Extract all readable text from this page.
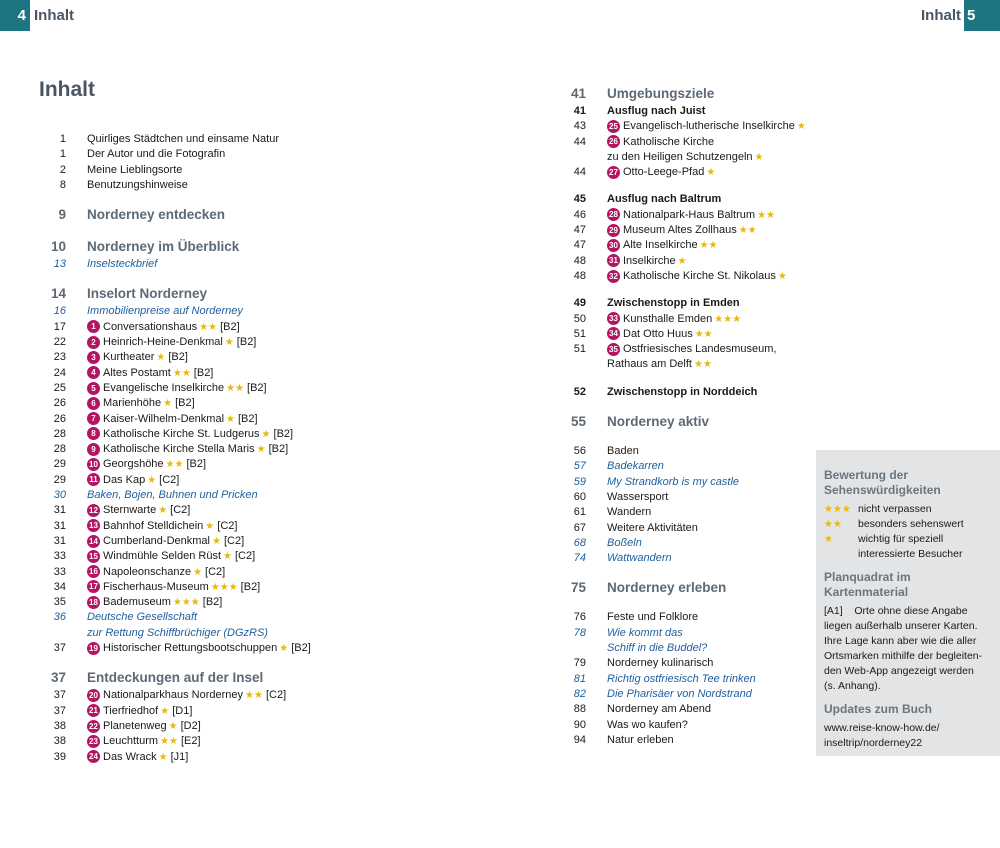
4 Inhalt	Inhalt 5
Inhalt
1 Quirliges Städtchen und einsame Natur
1 Der Autor und die Fotografin
2 Meine Lieblingsorte
8 Benutzungshinweise
9 Norderney entdecken
10 Norderney im Überblick
13 Inselsteckbrief
14 Inselort Norderney
16 Immobilienpreise auf Norderney
17	1 Conversationshaus ★★ [B2]
22	2 Heinrich-Heine-Denkmal ★ [B2]
23	3 Kurtheater ★ [B2]
24	4 Altes Postamt ★★ [B2]
25	5 Evangelische Inselkirche ★★ [B2]
26	6 Marienhöhe ★ [B2]
26	7 Kaiser-Wilhelm-Denkmal ★ [B2]
28	8 Katholische Kirche St. Ludgerus ★ [B2]
28	9 Katholische Kirche Stella Maris ★ [B2]
29	10 Georgshöhe ★★ [B2]
29	11 Das Kap ★ [C2]
30 Baken, Bojen, Buhnen und Pricken
31	12 Sternwarte ★ [C2]
31	13 Bahnhof Stelldichein ★ [C2]
31	14 Cumberland-Denkmal ★ [C2]
33	15 Windmühle Selden Rüst ★ [C2]
33	16 Napoleonschanze ★ [C2]
34	17 Fischerhaus-Museum ★★★ [B2]
35	18 Bademuseum ★★★ [B2]
36 Deutsche Gesellschaft
zur Rettung Schiffbrüchiger (DGzRS)
37	19 Historischer Rettungsbootschuppen ★ [B2]
37 Entdeckungen auf der Insel
37	20 Nationalparkhaus Norderney ★★ [C2]
37	21 Tierfriedhof ★ [D1]
38	22 Planetenweg ★ [D2]
38	23 Leuchtturm ★★ [E2]
39	24 Das Wrack ★ [J1]
41 Umgebungsziele
41 Ausflug nach Juist
43	25 Evangelisch-lutherische Inselkirche ★
44	26 Katholische Kirche
zu den Heiligen Schutzengeln ★
44	27 Otto-Leege-Pfad ★
45 Ausflug nach Baltrum
46	28 Nationalpark-Haus Baltrum ★★
47	29 Museum Altes Zollhaus ★★
47	30 Alte Inselkirche ★★
48	31 Inselkirche ★
48	32 Katholische Kirche St. Nikolaus ★
49 Zwischenstopp in Emden
50	33 Kunsthalle Emden ★★★
51	34 Dat Otto Huus ★★
51	35 Ostfriesisches Landesmuseum,
Rathaus am Delft ★★
52 Zwischenstopp in Norddeich
55 Norderney aktiv
56 Baden
57 Badekarren
59 My Strandkorb is my castle
60 Wassersport
61 Wandern
67 Weitere Aktivitäten
68 Boßeln
74 Wattwandern
75 Norderney erleben
76 Feste und Folklore
78 Wie kommt das
Schiff in die Buddel?
79 Norderney kulinarisch
81 Richtig ostfriesisch Tee trinken
82 Die Pharisäer von Nordstrand
88 Norderney am Abend
90 Was wo kaufen?
94 Natur erleben
Bewertung der
Sehenswürdigkeiten
★★★ nicht verpassen
★★	besonders sehenswert
★	wichtig für speziell
interessierte Besucher
Planquadrat im Kartenmaterial
[A1]    Orte ohne diese Angabe
liegen außerhalb unserer Karten.
Ihre Lage kann aber wie die aller
Ortsmarken mithilfe der begleiten-
den Web-App angezeigt werden
(s. Anhang).
Updates zum Buch
www.reise-know-how.de/
inseltrip/norderney22
